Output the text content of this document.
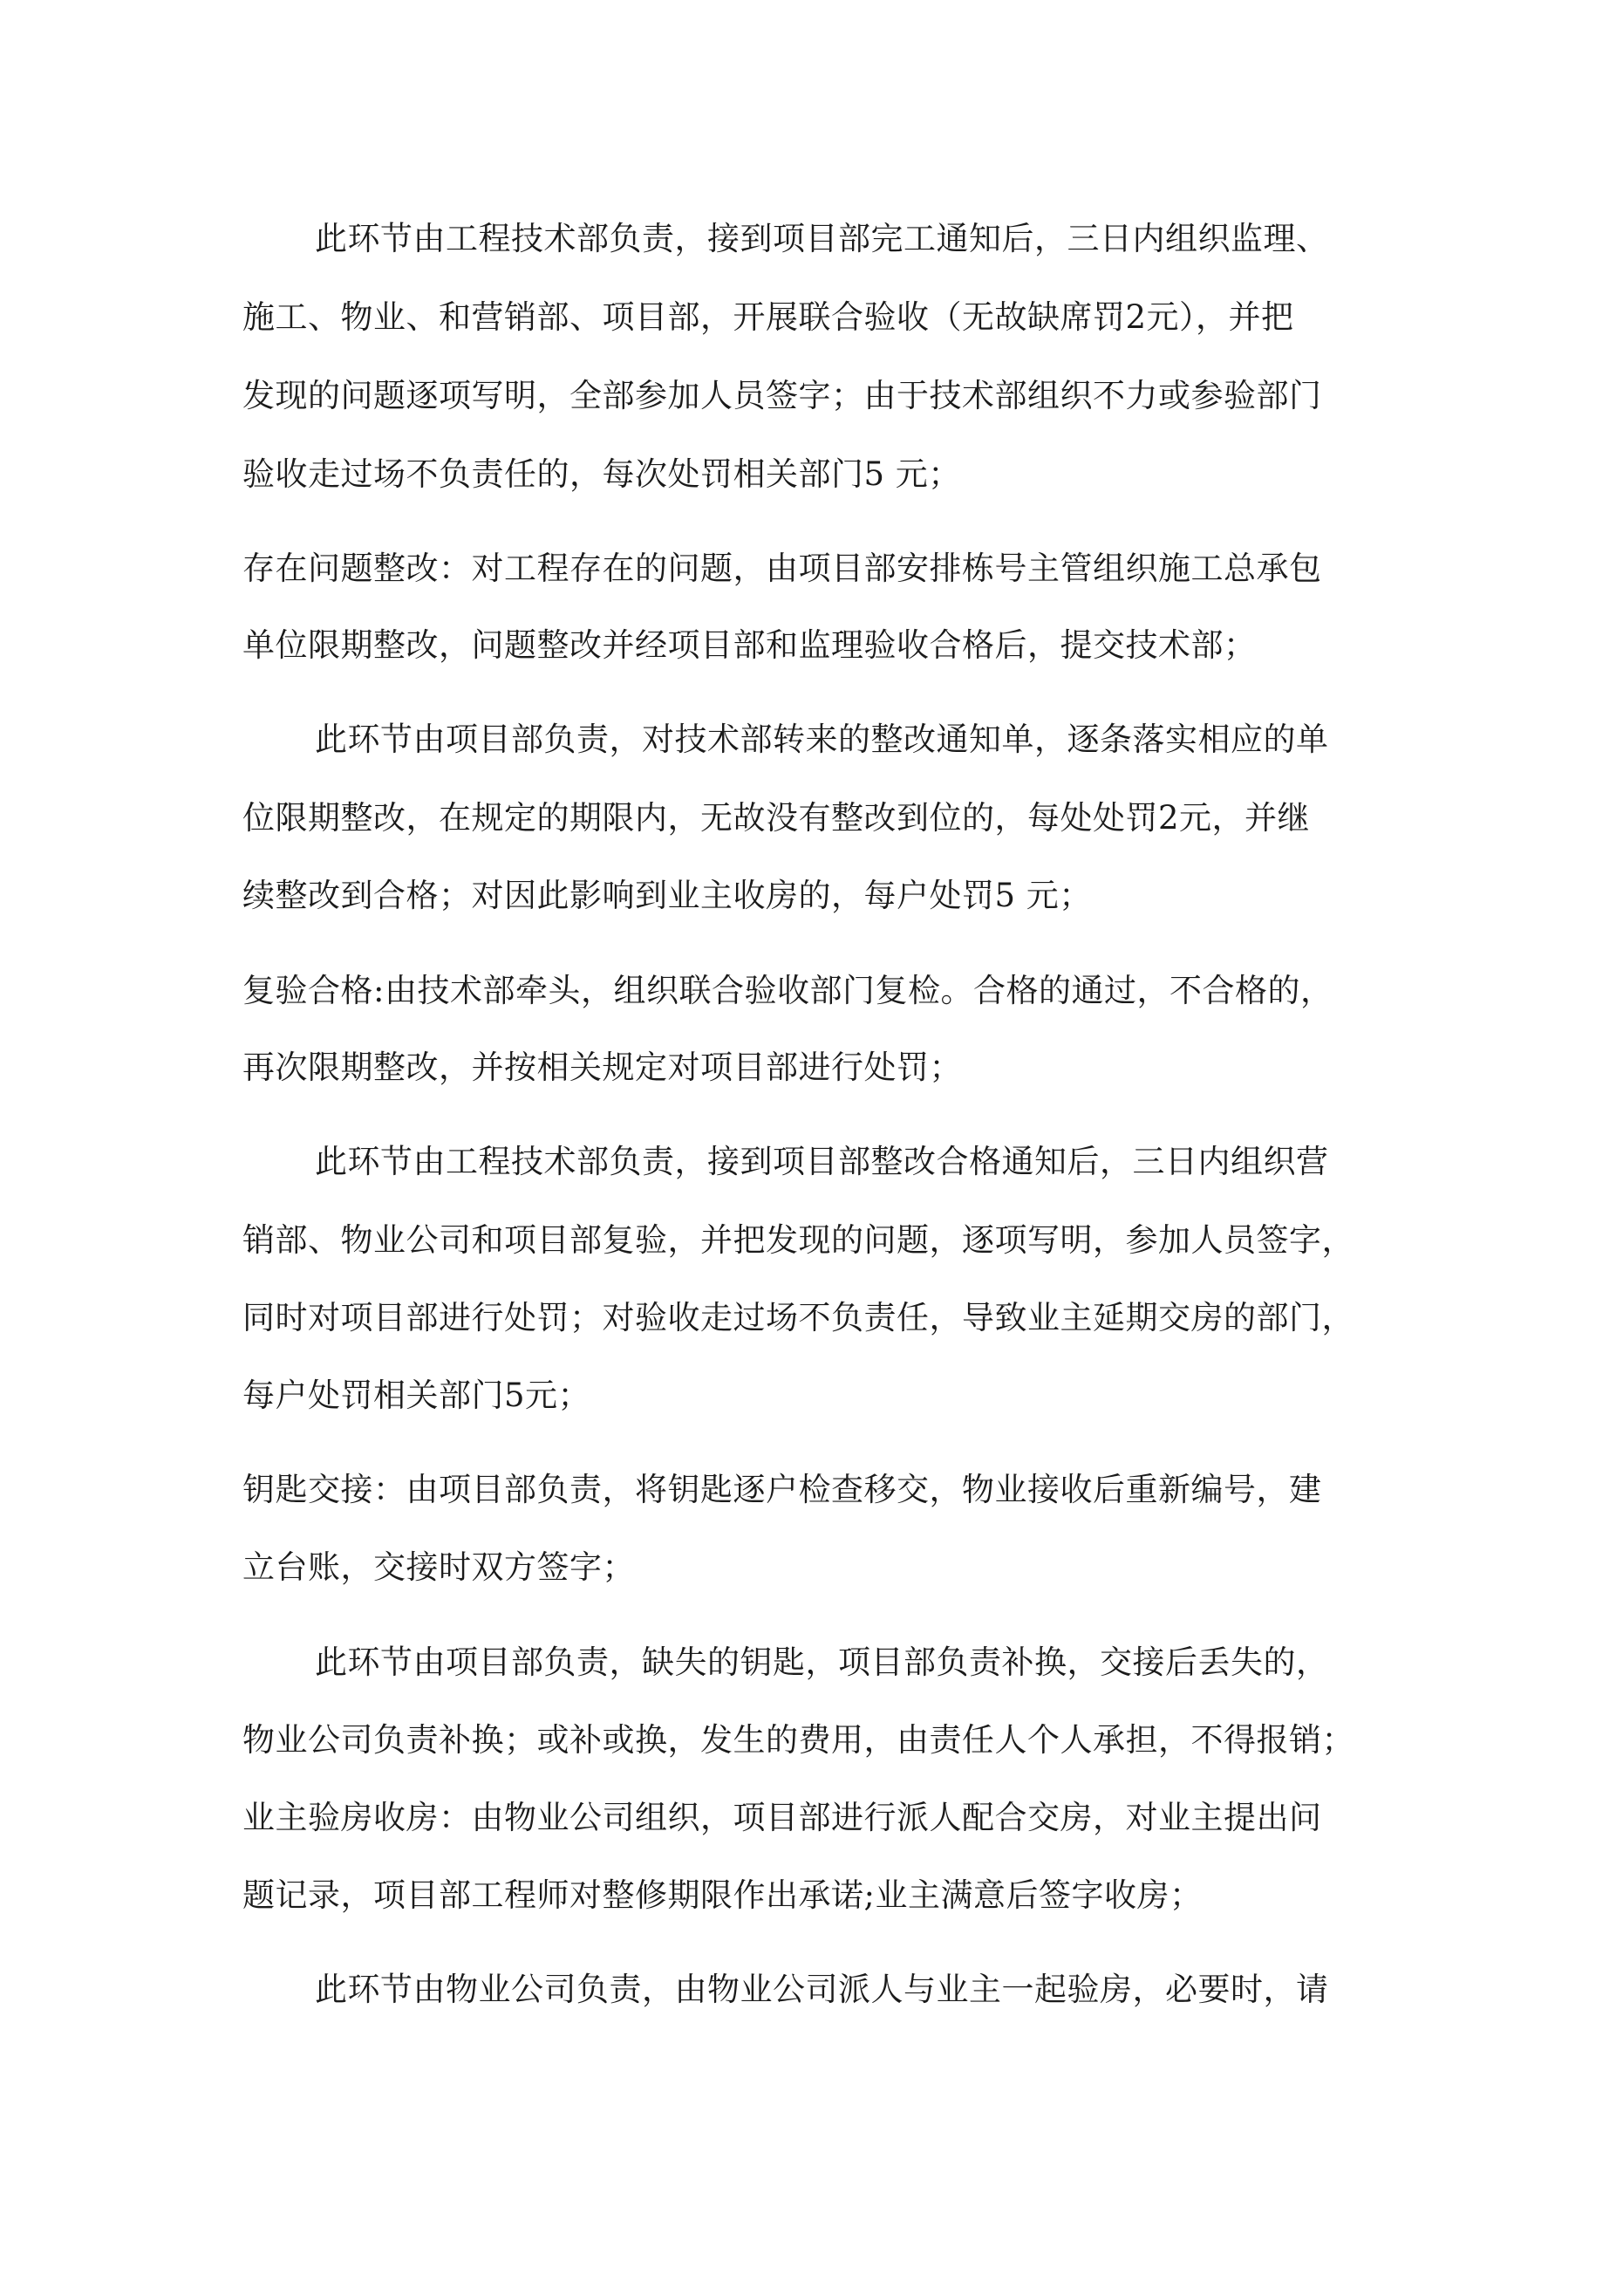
此环节由工程技术部负责，接到项目部完工通知后，三日内组织监理、
施工、物业、和营销部、项目部，开展联合验收（无故缺席罚2元），并把
发现的问题逐项写明，全部参加人员签字；由于技术部组织不力或参验部门
验收走过场不负责任的，每次处罚相关部门5 元；
存在问题整改：对工程存在的问题，由项目部安排栋号主管组织施工总承包
单位限期整改，问题整改并经项目部和监理验收合格后，提交技术部；
此环节由项目部负责，对技术部转来的整改通知单，逐条落实相应的单
位限期整改，在规定的期限内，无故没有整改到位的，每处处罚2元，并继
续整改到合格；对因此影响到业主收房的，每户处罚5 元；
复验合格:由技术部牵头，组织联合验收部门复检。合格的通过，不合格的，
再次限期整改，并按相关规定对项目部进行处罚；
此环节由工程技术部负责，接到项目部整改合格通知后，三日内组织营
销部、物业公司和项目部复验，并把发现的问题，逐项写明，参加人员签字，
同时对项目部进行处罚；对验收走过场不负责任，导致业主延期交房的部门，
每户处罚相关部门5元；
钥匙交接：由项目部负责，将钥匙逐户检查移交，物业接收后重新编号，建
立台账，交接时双方签字；
此环节由项目部负责，缺失的钥匙，项目部负责补换，交接后丢失的，
物业公司负责补换；或补或换，发生的费用，由责任人个人承担，不得报销；
业主验房收房：由物业公司组织，项目部进行派人配合交房，对业主提出问
题记录，项目部工程师对整修期限作出承诺;业主满意后签字收房；
此环节由物业公司负责，由物业公司派人与业主一起验房，必要时，请
